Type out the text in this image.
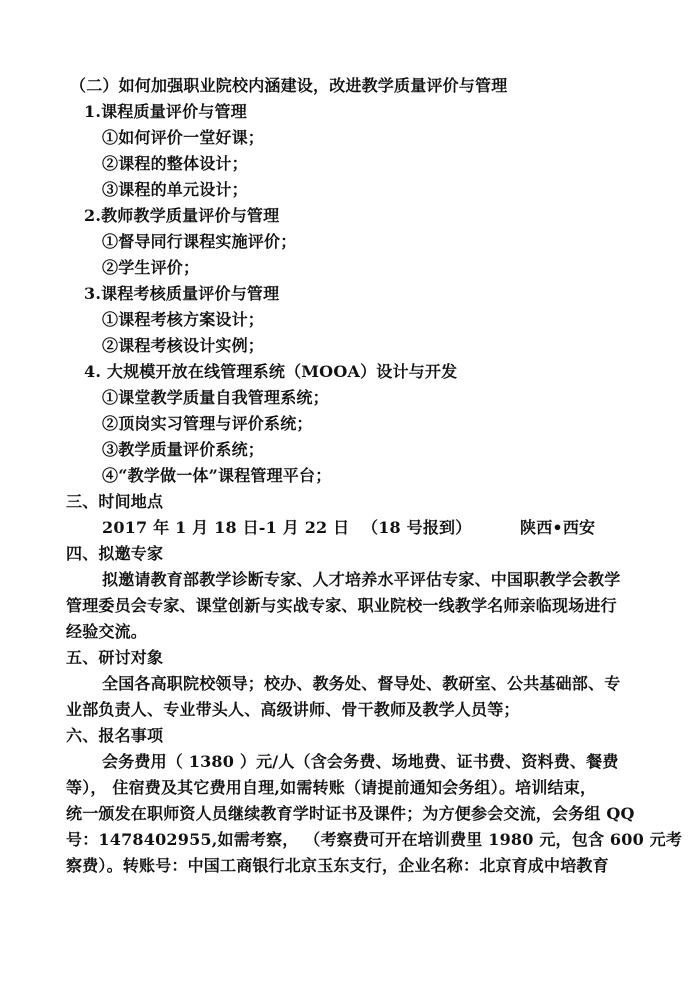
（二）如何加强职业院校内涵建设，改进教学质量评价与管理
1.课程质量评价与管理
①如何评价一堂好课；
②课程的整体设计；
③课程的单元设计；
2.教师教学质量评价与管理
①督导同行课程实施评价；
②学生评价；
3.课程考核质量评价与管理
①课程考核方案设计；
②课程考核设计实例；
4. 大规模开放在线管理系统（MOOA）设计与开发
①课堂教学质量自我管理系统；
②顶岗实习管理与评价系统；
③教学质量评价系统；
④“教学做一体”课程管理平台；
三、时间地点
2017 年 1 月 18 日-1 月 22 日 （18 号报到）	陕西•西安
四、拟邀专家
拟邀请教育部教学诊断专家、人才培养水平评估专家、中国职教学会教学
管理委员会专家、课堂创新与实战专家、职业院校一线教学名师亲临现场进行
经验交流。
五、研讨对象
全国各高职院校领导；校办、教务处、督导处、教研室、公共基础部、专
业部负责人、专业带头人、高级讲师、骨干教师及教学人员等；
六、报名事项
会务费用（ 1380 ）元/人（含会务费、场地费、证书费、资料费、餐费
等）， 住宿费及其它费用自理,如需转账（请提前通知会务组）。培训结束，
统一颁发在职师资人员继续教育学时证书及课件；为方便参会交流，会务组 QQ
号：1478402955,如需考察， （考察费可开在培训费里 1980 元，包含 600 元考
察费）。转账号：中国工商银行北京玉东支行，企业名称：北京育成中培教育
